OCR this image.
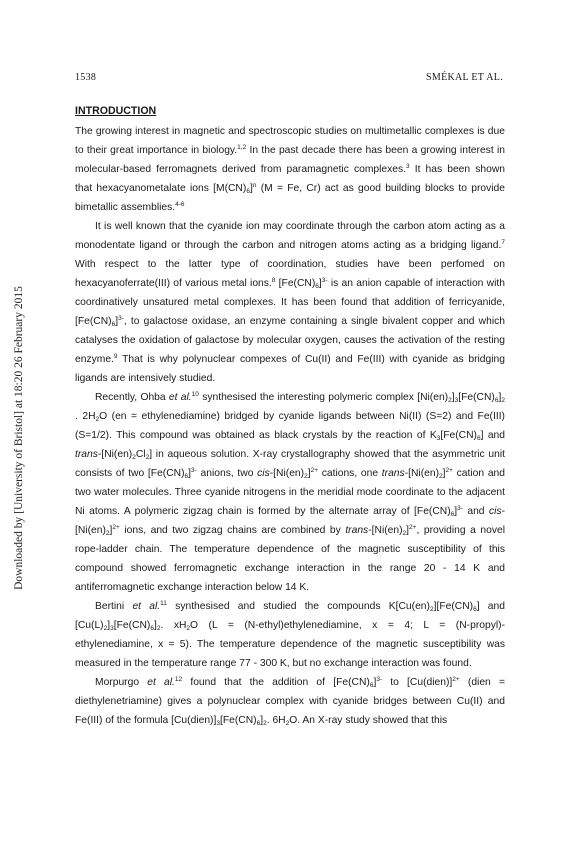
Downloaded by [University of Bristol] at 18:20 26 February 2015
1538	SMÉKAL ET AL.
INTRODUCTION

The growing interest in magnetic and spectroscopic studies on multimetallic complexes is due to their great importance in biology.$^{1,2}$ In the past decade there has been a growing interest in molecular-based ferromagnets derived from paramagnetic complexes.$^3$ It has been shown that hexacyanometalate ions $[M(CN)_6]^n$ (M = Fe, Cr) act as good building blocks to provide bimetallic assemblies.$^{4-6}$

It is well known that the cyanide ion may coordinate through the carbon atom acting as a monodentate ligand or through the carbon and nitrogen atoms acting as a bridging ligand.$^7$ With respect to the latter type of coordination, studies have been perfomed on hexacyanoferrate(III) of various metal ions.$^8$ $[Fe(CN)_6]^{3-}$ is an anion capable of interaction with coordinatively unsatured metal complexes. It has been found that addition of ferricyanide, $[Fe(CN)_6]^{3-}$, to galactose oxidase, an enzyme containing a single bivalent copper and which catalyses the oxidation of galactose by molecular oxygen, causes the activation of the resting enzyme.$^9$ That is why polynuclear compexes of Cu(II) and Fe(III) with cyanide as bridging ligands are intensively studied.

Recently, Ohba et al.$^{10}$ synthesised the interesting polymeric complex $[Ni(en)_2]_3[Fe(CN)_6]_2$ . $2H_2O$ (en = ethylenediamine) bridged by cyanide ligands between Ni(II) (S=2) and Fe(III) (S=1/2). This compound was obtained as black crystals by the reaction of $K_3[Fe(CN)_6]$ and trans-$[Ni(en)_2Cl_2]$ in aqueous solution. X-ray crystallography showed that the asymmetric unit consists of two $[Fe(CN)_6]^{3-}$ anions, two cis-$[Ni(en)_2]^{2+}$ cations, one trans-$[Ni(en)_2]^{2+}$ cation and two water molecules. Three cyanide nitrogens in the meridial mode coordinate to the adjacent Ni atoms. A polymeric zigzag chain is formed by the alternate array of $[Fe(CN)_6]^{3-}$ and cis-$[Ni(en)_2]^{2+}$ ions, and two zigzag chains are combined by trans-$[Ni(en)_2]^{2+}$, providing a novel rope-ladder chain. The temperature dependence of the magnetic susceptibility of this compound showed ferromagnetic exchange interaction in the range 20 - 14 K and antiferromagnetic exchange interaction below 14 K.

Bertini et al.$^{11}$ synthesised and studied the compounds $K[Cu(en)_2][Fe(CN)_6]$ and $[Cu(L)_2]_3[Fe(CN)_6]_2$. $xH_2O$ (L = (N-ethyl)ethylenediamine, x = 4; L = (N-propyl)-ethylenediamine, x = 5). The temperature dependence of the magnetic susceptibility was measured in the temperature range 77 - 300 K, but no exchange interaction was found.

Morpurgo et al.$^{12}$ found that the addition of $[Fe(CN)_6]^{3-}$ to [Cu(dien)]$^{2+}$ (dien = diethylenetriamine) gives a polynuclear complex with cyanide bridges between Cu(II) and Fe(III) of the formula $[Cu(dien)]_3[Fe(CN)_6]_2$. $6H_2O$. An X-ray study showed that this
